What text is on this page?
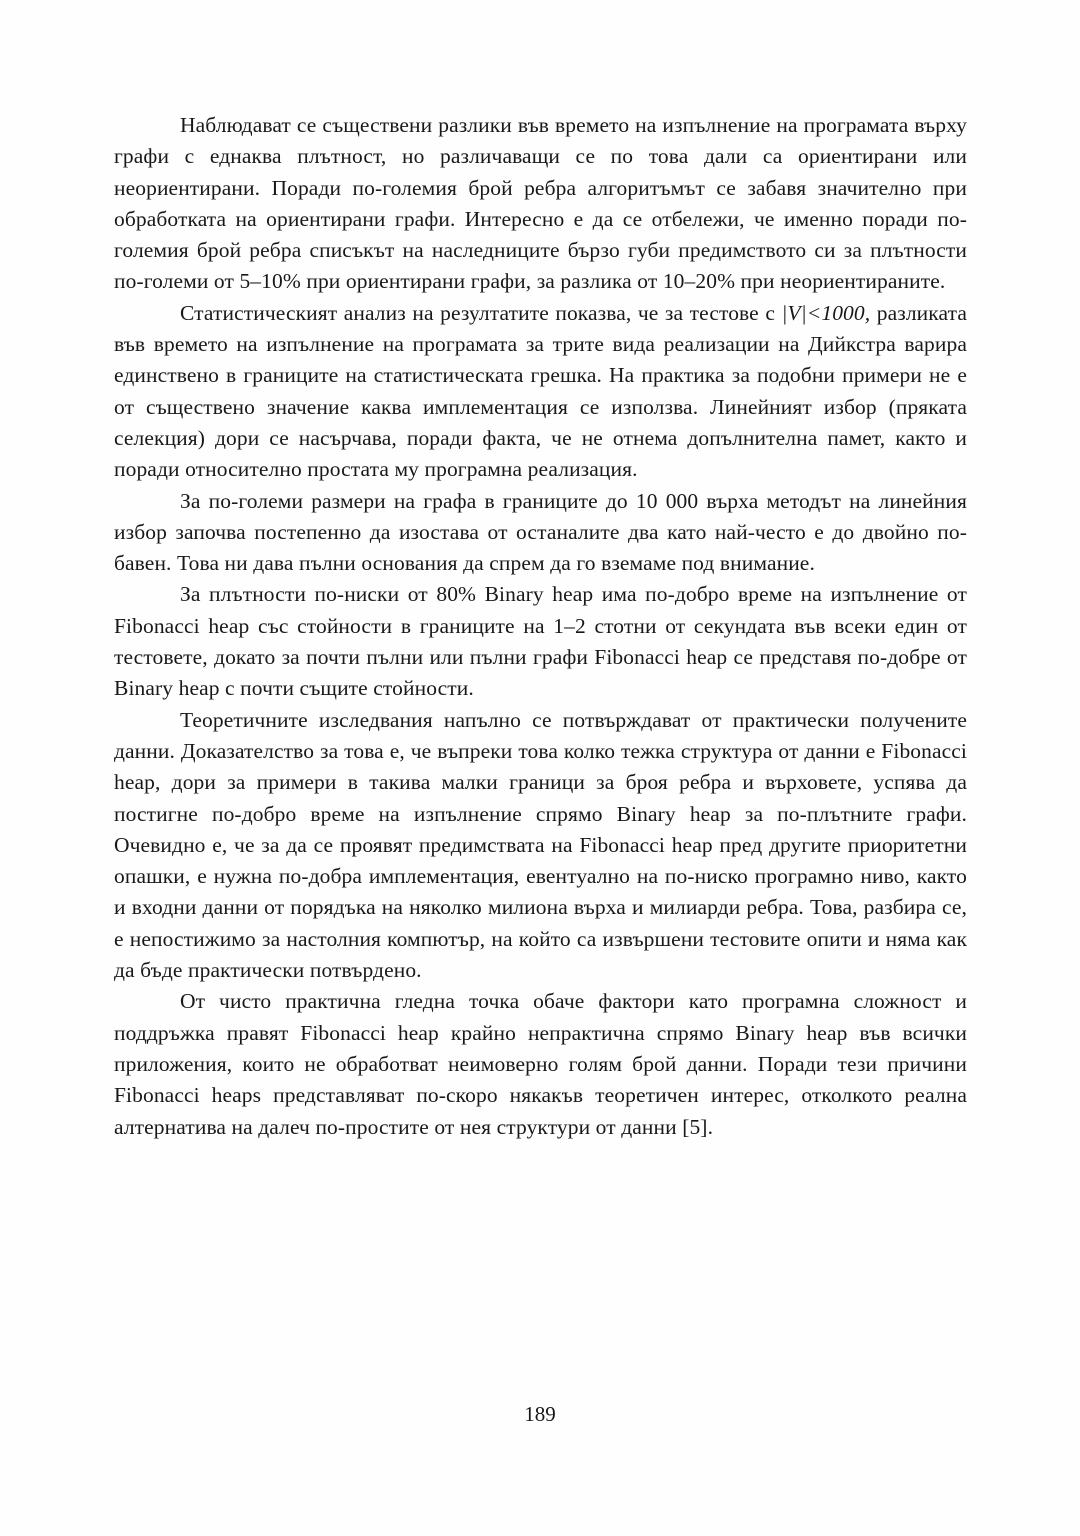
Наблюдават се съществени разлики във времето на изпълнение на програмата върху графи с еднаква плътност, но различаващи се по това дали са ориентирани или неориентирани. Поради по-големия брой ребра алгоритъмът се забавя значително при обработката на ориентирани графи. Интересно е да се отбележи, че именно поради по-големия брой ребра списъкът на наследниците бързо губи предимството си за плътности по-големи от 5–10% при ориентирани графи, за разлика от 10–20% при неориентираните.

Статистическият анализ на резултатите показва, че за тестове с |V|<1000, разликата във времето на изпълнение на програмата за трите вида реализации на Дийкстра варира единствено в границите на статистическата грешка. На практика за подобни примери не е от съществено значение каква имплементация се използва. Линейният избор (пряката селекция) дори се насърчава, поради факта, че не отнема допълнителна памет, както и поради относително простата му програмна реализация.

За по-големи размери на графа в границите до 10 000 върха методът на линейния избор започва постепенно да изостава от останалите два като най-често е до двойно по-бавен. Това ни дава пълни основания да спрем да го вземаме под внимание.

За плътности по-ниски от 80% Binary heap има по-добро време на изпълнение от Fibonacci heap със стойности в границите на 1–2 стотни от секундата във всеки един от тестовете, докато за почти пълни или пълни графи Fibonacci heap се представя по-добре от Binary heap с почти същите стойности.

Теоретичните изследвания напълно се потвърждават от практически получените данни. Доказателство за това е, че въпреки това колко тежка структура от данни е Fibonacci heap, дори за примери в такива малки граници за броя ребра и върховете, успява да постигне по-добро време на изпълнение спрямо Binary heap за по-плътните графи. Очевидно е, че за да се проявят предимствата на Fibonacci heap пред другите приоритетни опашки, е нужна по-добра имплементация, евентуално на по-ниско програмно ниво, както и входни данни от порядъка на няколко милиона върха и милиарди ребра. Това, разбира се, е непостижимо за настолния компютър, на който са извършени тестовите опити и няма как да бъде практически потвърдено.

От чисто практична гледна точка обаче фактори като програмна сложност и поддръжка правят Fibonacci heap крайно непрактична спрямо Binary heap във всички приложения, които не обработват неимоверно голям брой данни. Поради тези причини Fibonacci heaps представляват по-скоро някакъв теоретичен интерес, отколкото реална алтернатива на далеч по-простите от нея структури от данни [5].

189
